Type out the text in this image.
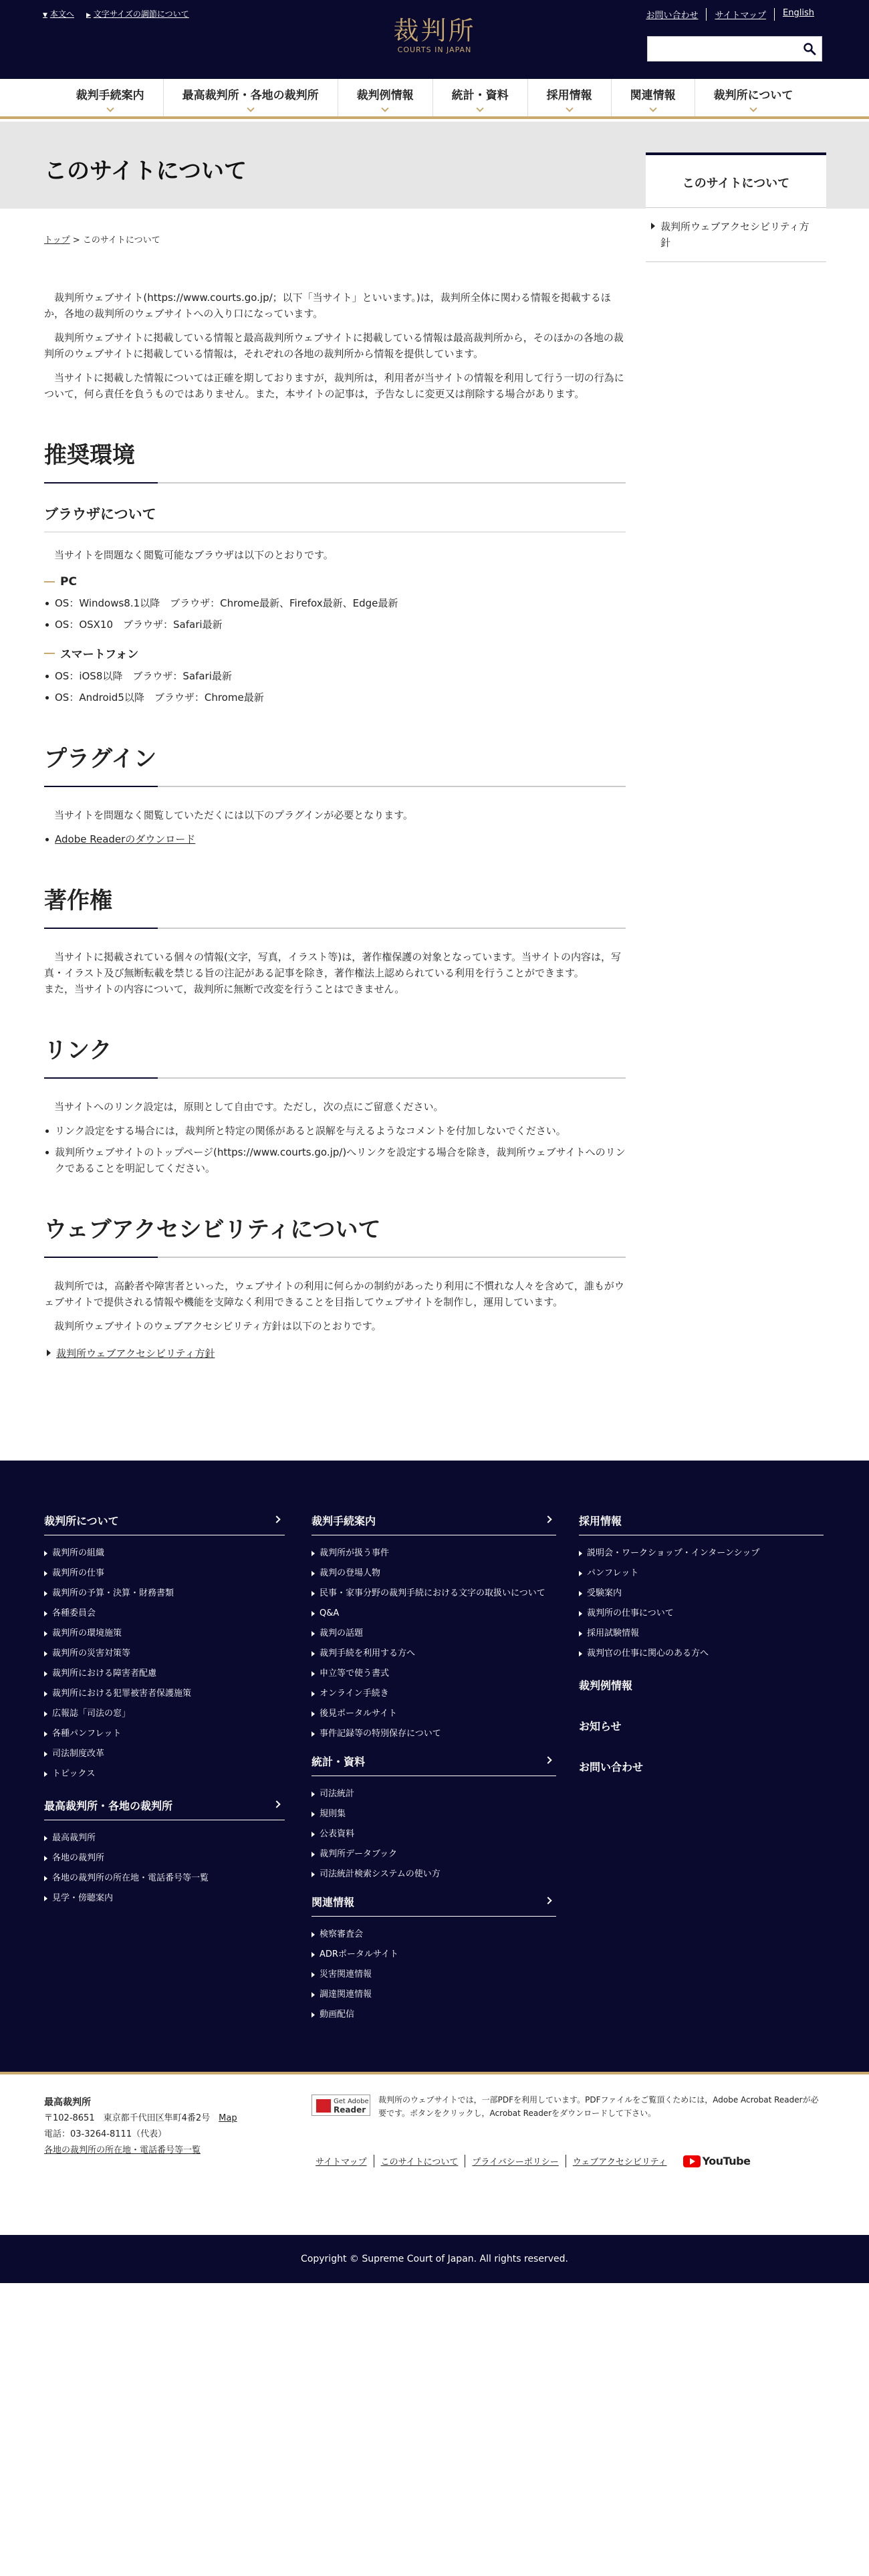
▼ 本文へ ▶ 文字サイズの調節について
裁判所
COURTS IN JAPAN
お問い合わせ	サイトマップ	English
裁判手続案内	最高裁判所・各地の裁判所	裁判例情報	統計・資料	採用情報	関連情報	裁判所について
このサイトについて	このサイトについて
裁判所ウェブアクセシビリティ方針
トップ > このサイトについて

裁判所ウェブサイト(https://www.courts.go.jp/；以下「当サイト」といいます。)は，裁判所全体に関わる情報を掲載するほか，各地の裁判所のウェブサイトへの入り口になっています。

裁判所ウェブサイトに掲載している情報と最高裁判所ウェブサイトに掲載している情報は最高裁判所から，そのほかの各地の裁判所のウェブサイトに掲載している情報は，それぞれの各地の裁判所から情報を提供しています。

当サイトに掲載した情報については正確を期しておりますが，裁判所は，利用者が当サイトの情報を利用して行う一切の行為について，何ら責任を負うものではありません。また，本サイトの記事は，予告なしに変更又は削除する場合があります。

推奨環境
ブラウザについて

当サイトを問題なく閲覧可能なブラウザは以下のとおりです。

PC
OS：Windows8.1以降　ブラウザ：Chrome最新、Firefox最新、Edge最新
OS：OSX10　ブラウザ：Safari最新
スマートフォン
OS：iOS8以降　ブラウザ：Safari最新
OS：Android5以降　ブラウザ：Chrome最新
プラグイン

当サイトを問題なく閲覧していただくには以下のプラグインが必要となります。

Adobe Readerのダウンロード
著作権

当サイトに掲載されている個々の情報(文字，写真，イラスト等)は，著作権保護の対象となっています。当サイトの内容は，写真・イラスト及び無断転載を禁じる旨の注記がある記事を除き，著作権法上認められている利用を行うことができます。

また，当サイトの内容について，裁判所に無断で改変を行うことはできません。

リンク

当サイトへのリンク設定は，原則として自由です。ただし，次の点にご留意ください。

リンク設定をする場合には，裁判所と特定の関係があると誤解を与えるようなコメントを付加しないでください。
裁判所ウェブサイトのトップページ(https://www.courts.go.jp/)へリンクを設定する場合を除き，裁判所ウェブサイトへのリンクであることを明記してください。
ウェブアクセシビリティについて

裁判所では，高齢者や障害者といった，ウェブサイトの利用に何らかの制約があったり利用に不慣れな人々を含めて，誰もがウェブサイトで提供される情報や機能を支障なく利用できることを目指してウェブサイトを制作し，運用しています。

裁判所ウェブサイトのウェブアクセシビリティ方針は以下のとおりです。

裁判所ウェブアクセシビリティ方針
裁判所について
裁判所の組織
裁判所の仕事
裁判所の予算・決算・財務書類
各種委員会
裁判所の環境施策
裁判所の災害対策等
裁判所における障害者配慮
裁判所における犯罪被害者保護施策
広報誌「司法の窓」
各種パンフレット
司法制度改革
トピックス
最高裁判所・各地の裁判所
最高裁判所
各地の裁判所
各地の裁判所の所在地・電話番号等一覧
見学・傍聴案内
裁判手続案内
裁判所が扱う事件
裁判の登場人物
民事・家事分野の裁判手続における文字の取扱いについて
Q&A
裁判の話題
裁判手続を利用する方へ
申立等で使う書式
オンライン手続き
後見ポータルサイト
事件記録等の特別保存について
統計・資料
司法統計
規則集
公表資料
裁判所データブック
司法統計検索システムの使い方
関連情報
検察審査会
ADRポータルサイト
災害関連情報
調達関連情報
動画配信
採用情報
説明会・ワークショップ・インターンシップ
パンフレット
受験案内
裁判所の仕事について
採用試験情報
裁判官の仕事に関心のある方へ
裁判例情報
お知らせ
お問い合わせ
最高裁判所
〒102-8651　東京都千代田区隼町4番2号　 Map
電話：03-3264-8111（代表）
各地の裁判所の所在地・電話番号等一覧
Get Adobe
Reader
裁判所のウェブサイトでは，一部PDFを利用しています。PDFファイルをご覧頂くためには，Adobe Acrobat Readerが必要です。ボタンをクリックし，Acrobat Readerをダウンロードして下さい。
サイトマップ	このサイトについて	プライバシーポリシー	ウェブアクセシビリティ	YouTube
Copyright © Supreme Court of Japan. All rights reserved.
